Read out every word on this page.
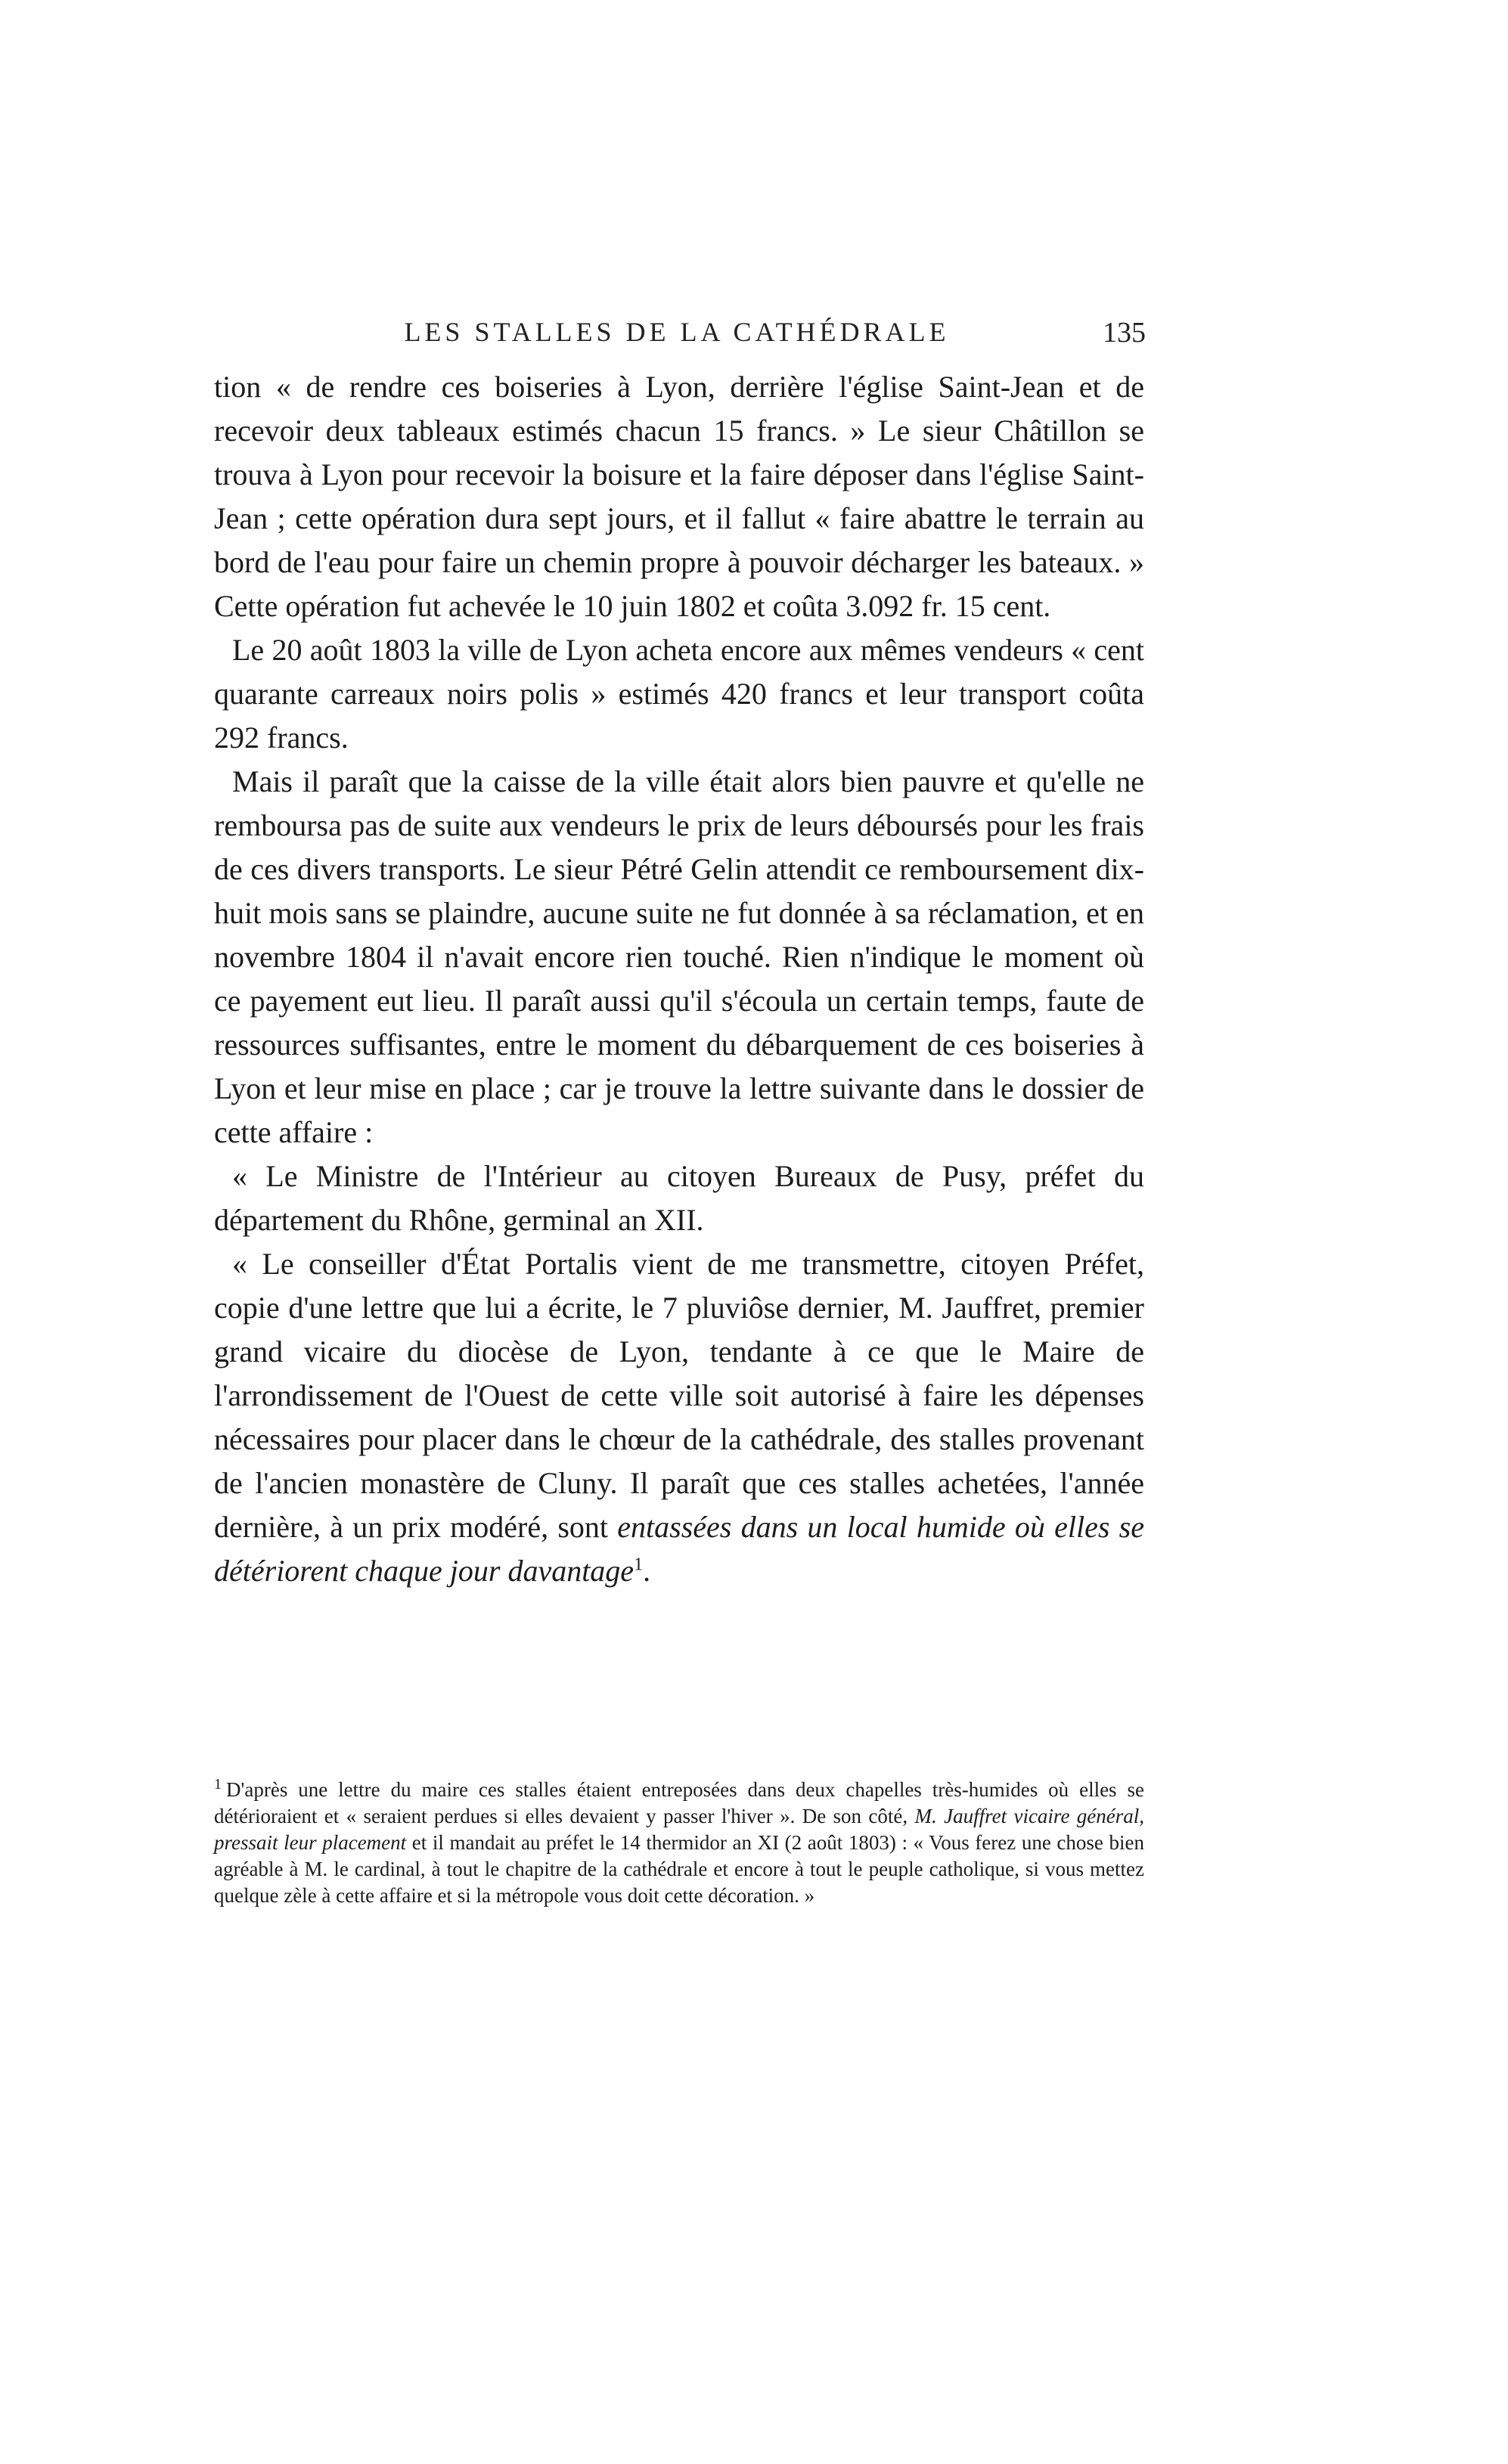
LES STALLES DE LA CATHÉDRALE	135

tion « de rendre ces boiseries à Lyon, derrière l'église Saint-Jean et de recevoir deux tableaux estimés chacun 15 francs. » Le sieur Châtillon se trouva à Lyon pour recevoir la boisure et la faire déposer dans l'église Saint-Jean ; cette opération dura sept jours, et il fallut « faire abattre le terrain au bord de l'eau pour faire un chemin propre à pouvoir décharger les bateaux. » Cette opération fut achevée le 10 juin 1802 et coûta 3.092 fr. 15 cent.

Le 20 août 1803 la ville de Lyon acheta encore aux mêmes vendeurs « cent quarante carreaux noirs polis » estimés 420 francs et leur transport coûta 292 francs.

Mais il paraît que la caisse de la ville était alors bien pauvre et qu'elle ne remboursa pas de suite aux vendeurs le prix de leurs déboursés pour les frais de ces divers transports. Le sieur Pétré Gelin attendit ce remboursement dix-huit mois sans se plaindre, aucune suite ne fut donnée à sa réclamation, et en novembre 1804 il n'avait encore rien touché. Rien n'indique le moment où ce payement eut lieu. Il paraît aussi qu'il s'écoula un certain temps, faute de ressources suffisantes, entre le moment du débarquement de ces boiseries à Lyon et leur mise en place ; car je trouve la lettre suivante dans le dossier de cette affaire :

« Le Ministre de l'Intérieur au citoyen Bureaux de Pusy, préfet du département du Rhône, germinal an XII.

« Le conseiller d'État Portalis vient de me transmettre, citoyen Préfet, copie d'une lettre que lui a écrite, le 7 pluviôse dernier, M. Jauffret, premier grand vicaire du diocèse de Lyon, tendante à ce que le Maire de l'arrondissement de l'Ouest de cette ville soit autorisé à faire les dépenses nécessaires pour placer dans le chœur de la cathédrale, des stalles provenant de l'ancien monastère de Cluny. Il paraît que ces stalles achetées, l'année dernière, à un prix modéré, sont entassées dans un local humide où elles se détériorent chaque jour davantage$^1$.

$^1$ D'après une lettre du maire ces stalles étaient entreposées dans deux chapelles très-humides où elles se détérioraient et « seraient perdues si elles devaient y passer l'hiver ». De son côté, M. Jauffret vicaire général, pressait leur placement et il mandait au préfet le 14 thermidor an XI (2 août 1803) : « Vous ferez une chose bien agréable à M. le cardinal, à tout le chapitre de la cathédrale et encore à tout le peuple catholique, si vous mettez quelque zèle à cette affaire et si la métropole vous doit cette décoration. »
